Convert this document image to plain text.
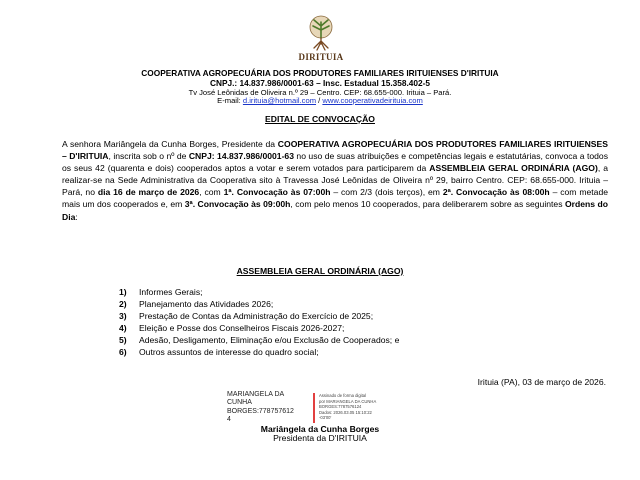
DIRITUIA
COOPERATIVA AGROPECUÁRIA DOS PRODUTORES FAMILIARES IRITUIENSES D'IRITUIA
CNPJ.: 14.837.986/0001-63 – Insc. Estadual 15.358.402-5
Tv José Leônidas de Oliveira n.º 29 – Centro. CEP: 68.655-000. Irituia – Pará.
E-mail: d.irituia@hotmail.com / www.cooperativadeirituia.com
EDITAL DE CONVOCAÇÃO
A senhora Mariângela da Cunha Borges, Presidente da COOPERATIVA AGROPECUÁRIA DOS PRODUTORES FAMILIARES IRITUIENSES – D'IRITUIA, inscrita sob o nº de CNPJ: 14.837.986/0001-63 no uso de suas atribuições e competências legais e estatutárias, convoca a todos os seus 42 (quarenta e dois) cooperados aptos a votar e serem votados para participarem da ASSEMBLEIA GERAL ORDINÁRIA (AGO), a realizar-se na Sede Administrativa da Cooperativa sito à Travessa José Leônidas de Oliveira nº 29, bairro Centro. CEP: 68.655-000. Irituia – Pará, no dia 16 de março de 2026, com 1ª. Convocação às 07:00h – com 2/3 (dois terços), em 2ª. Convocação às 08:00h – com metade mais um dos cooperados e, em 3ª. Convocação às 09:00h, com pelo menos 10 cooperados, para deliberarem sobre as seguintes Ordens do Dia:
ASSEMBLEIA GERAL ORDINÁRIA (AGO)
1) Informes Gerais;
2) Planejamento das Atividades 2026;
3) Prestação de Contas da Administração do Exercício de 2025;
4) Eleição e Posse dos Conselheiros Fiscais 2026-2027;
5) Adesão, Desligamento, Eliminação e/ou Exclusão de Cooperados; e
6) Outros assuntos de interesse do quadro social;
Irituia (PA), 03 de março de 2026.
MARIANGELA DA
CUNHA
BORGES:778757612
4
Assinado de forma digital
por MARIANGELA DA CUNHA
BORGES:7787576124
Dados: 2026.03.05 15:10:22
-03'00'
Mariângela da Cunha Borges
Presidenta da D'IRITUIA
